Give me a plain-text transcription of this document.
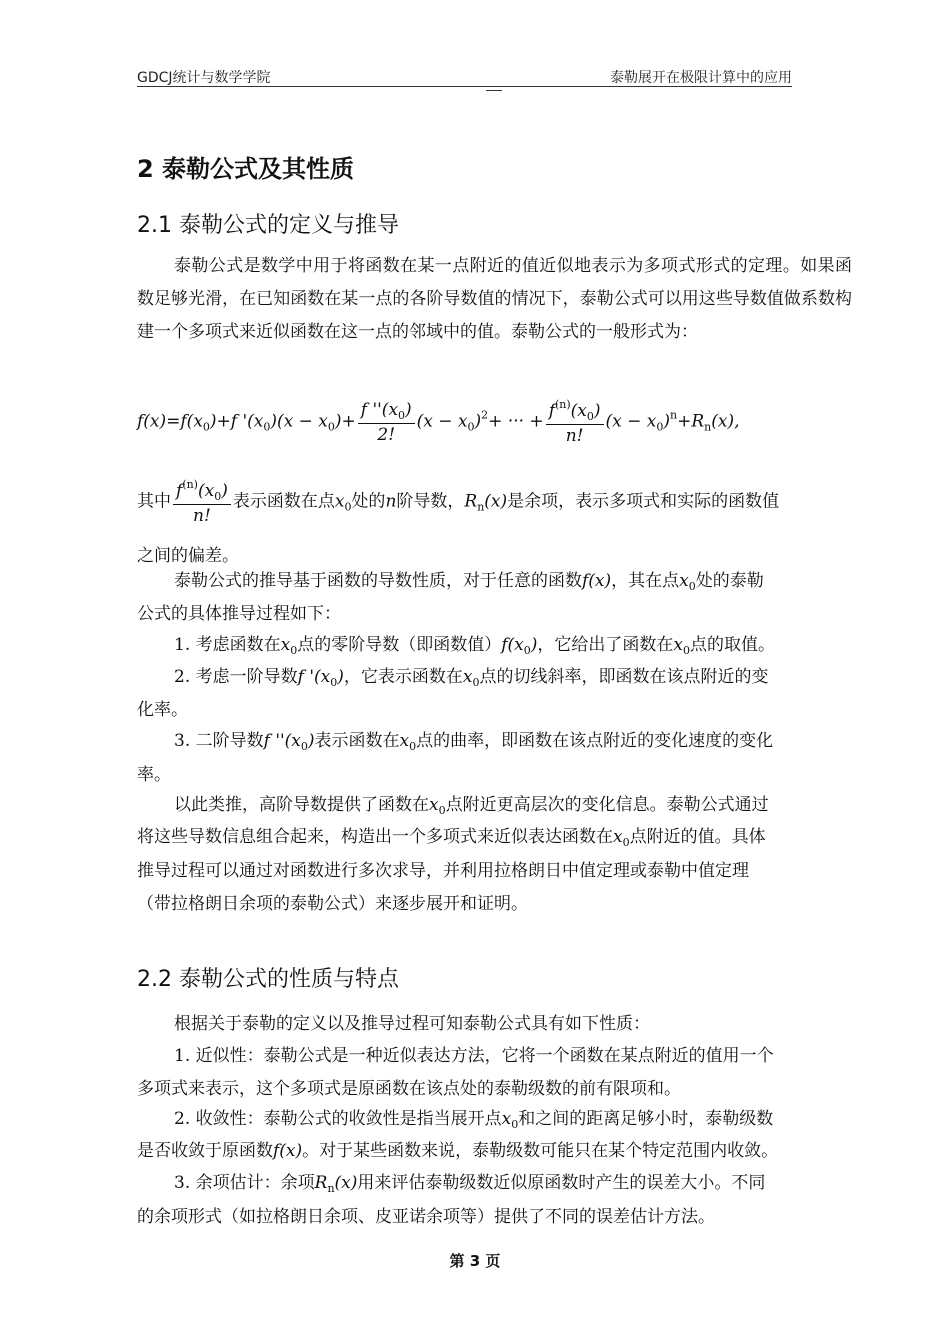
GDCJ统计与数学学院	泰勒展开在极限计算中的应用
2 泰勒公式及其性质
2.1 泰勒公式的定义与推导

泰勒公式是数学中用于将函数在某一点附近的值近似地表示为多项式形式的定理。如果函数足够光滑，在已知函数在某一点的各阶导数值的情况下，泰勒公式可以用这些导数值做系数构建一个多项式来近似函数在这一点的邻域中的值。泰勒公式的一般形式为：

$f(x)=f(x_0)+f$ '$(x_0)(x - x_0)+ \frac{f ''(x_0)}{2!} (x - x_0)^2+$ ··· + $\frac{f^{(n)}(x_0)}{n!} (x - x_0)^n+R_n(x)$,
其中 $\frac{f^{(n)}(x_0)}{n!}$ 表示函数在点$x_0$处的n阶导数，$R_n(x)$是余项，表示多项式和实际的函数值
之间的偏差。
泰勒公式的推导基于函数的导数性质，对于任意的函数f(x)，其在点$x_0$处的泰勒
公式的具体推导过程如下：
1. 考虑函数在$x_0$点的零阶导数（即函数值）$f(x_0)$，它给出了函数在$x_0$点的取值。
2. 考虑一阶导数f '$(x_0)$，它表示函数在$x_0$点的切线斜率，即函数在该点附近的变
化率。
3. 二阶导数f ''$(x_0)$表示函数在$x_0$点的曲率，即函数在该点附近的变化速度的变化
率。
以此类推，高阶导数提供了函数在$x_0$点附近更高层次的变化信息。泰勒公式通过
将这些导数信息组合起来，构造出一个多项式来近似表达函数在$x_0$点附近的值。具体
推导过程可以通过对函数进行多次求导，并利用拉格朗日中值定理或泰勒中值定理
（带拉格朗日余项的泰勒公式）来逐步展开和证明。
2.2 泰勒公式的性质与特点
根据关于泰勒的定义以及推导过程可知泰勒公式具有如下性质：
1. 近似性：泰勒公式是一种近似表达方法，它将一个函数在某点附近的值用一个
多项式来表示，这个多项式是原函数在该点处的泰勒级数的前有限项和。
2. 收敛性：泰勒公式的收敛性是指当展开点$x_0$和之间的距离足够小时，泰勒级数
是否收敛于原函数f(x)。对于某些函数来说，泰勒级数可能只在某个特定范围内收敛。
3. 余项估计：余项$R_n(x)$用来评估泰勒级数近似原函数时产生的误差大小。不同
的余项形式（如拉格朗日余项、皮亚诺余项等）提供了不同的误差估计方法。
第 3 页
